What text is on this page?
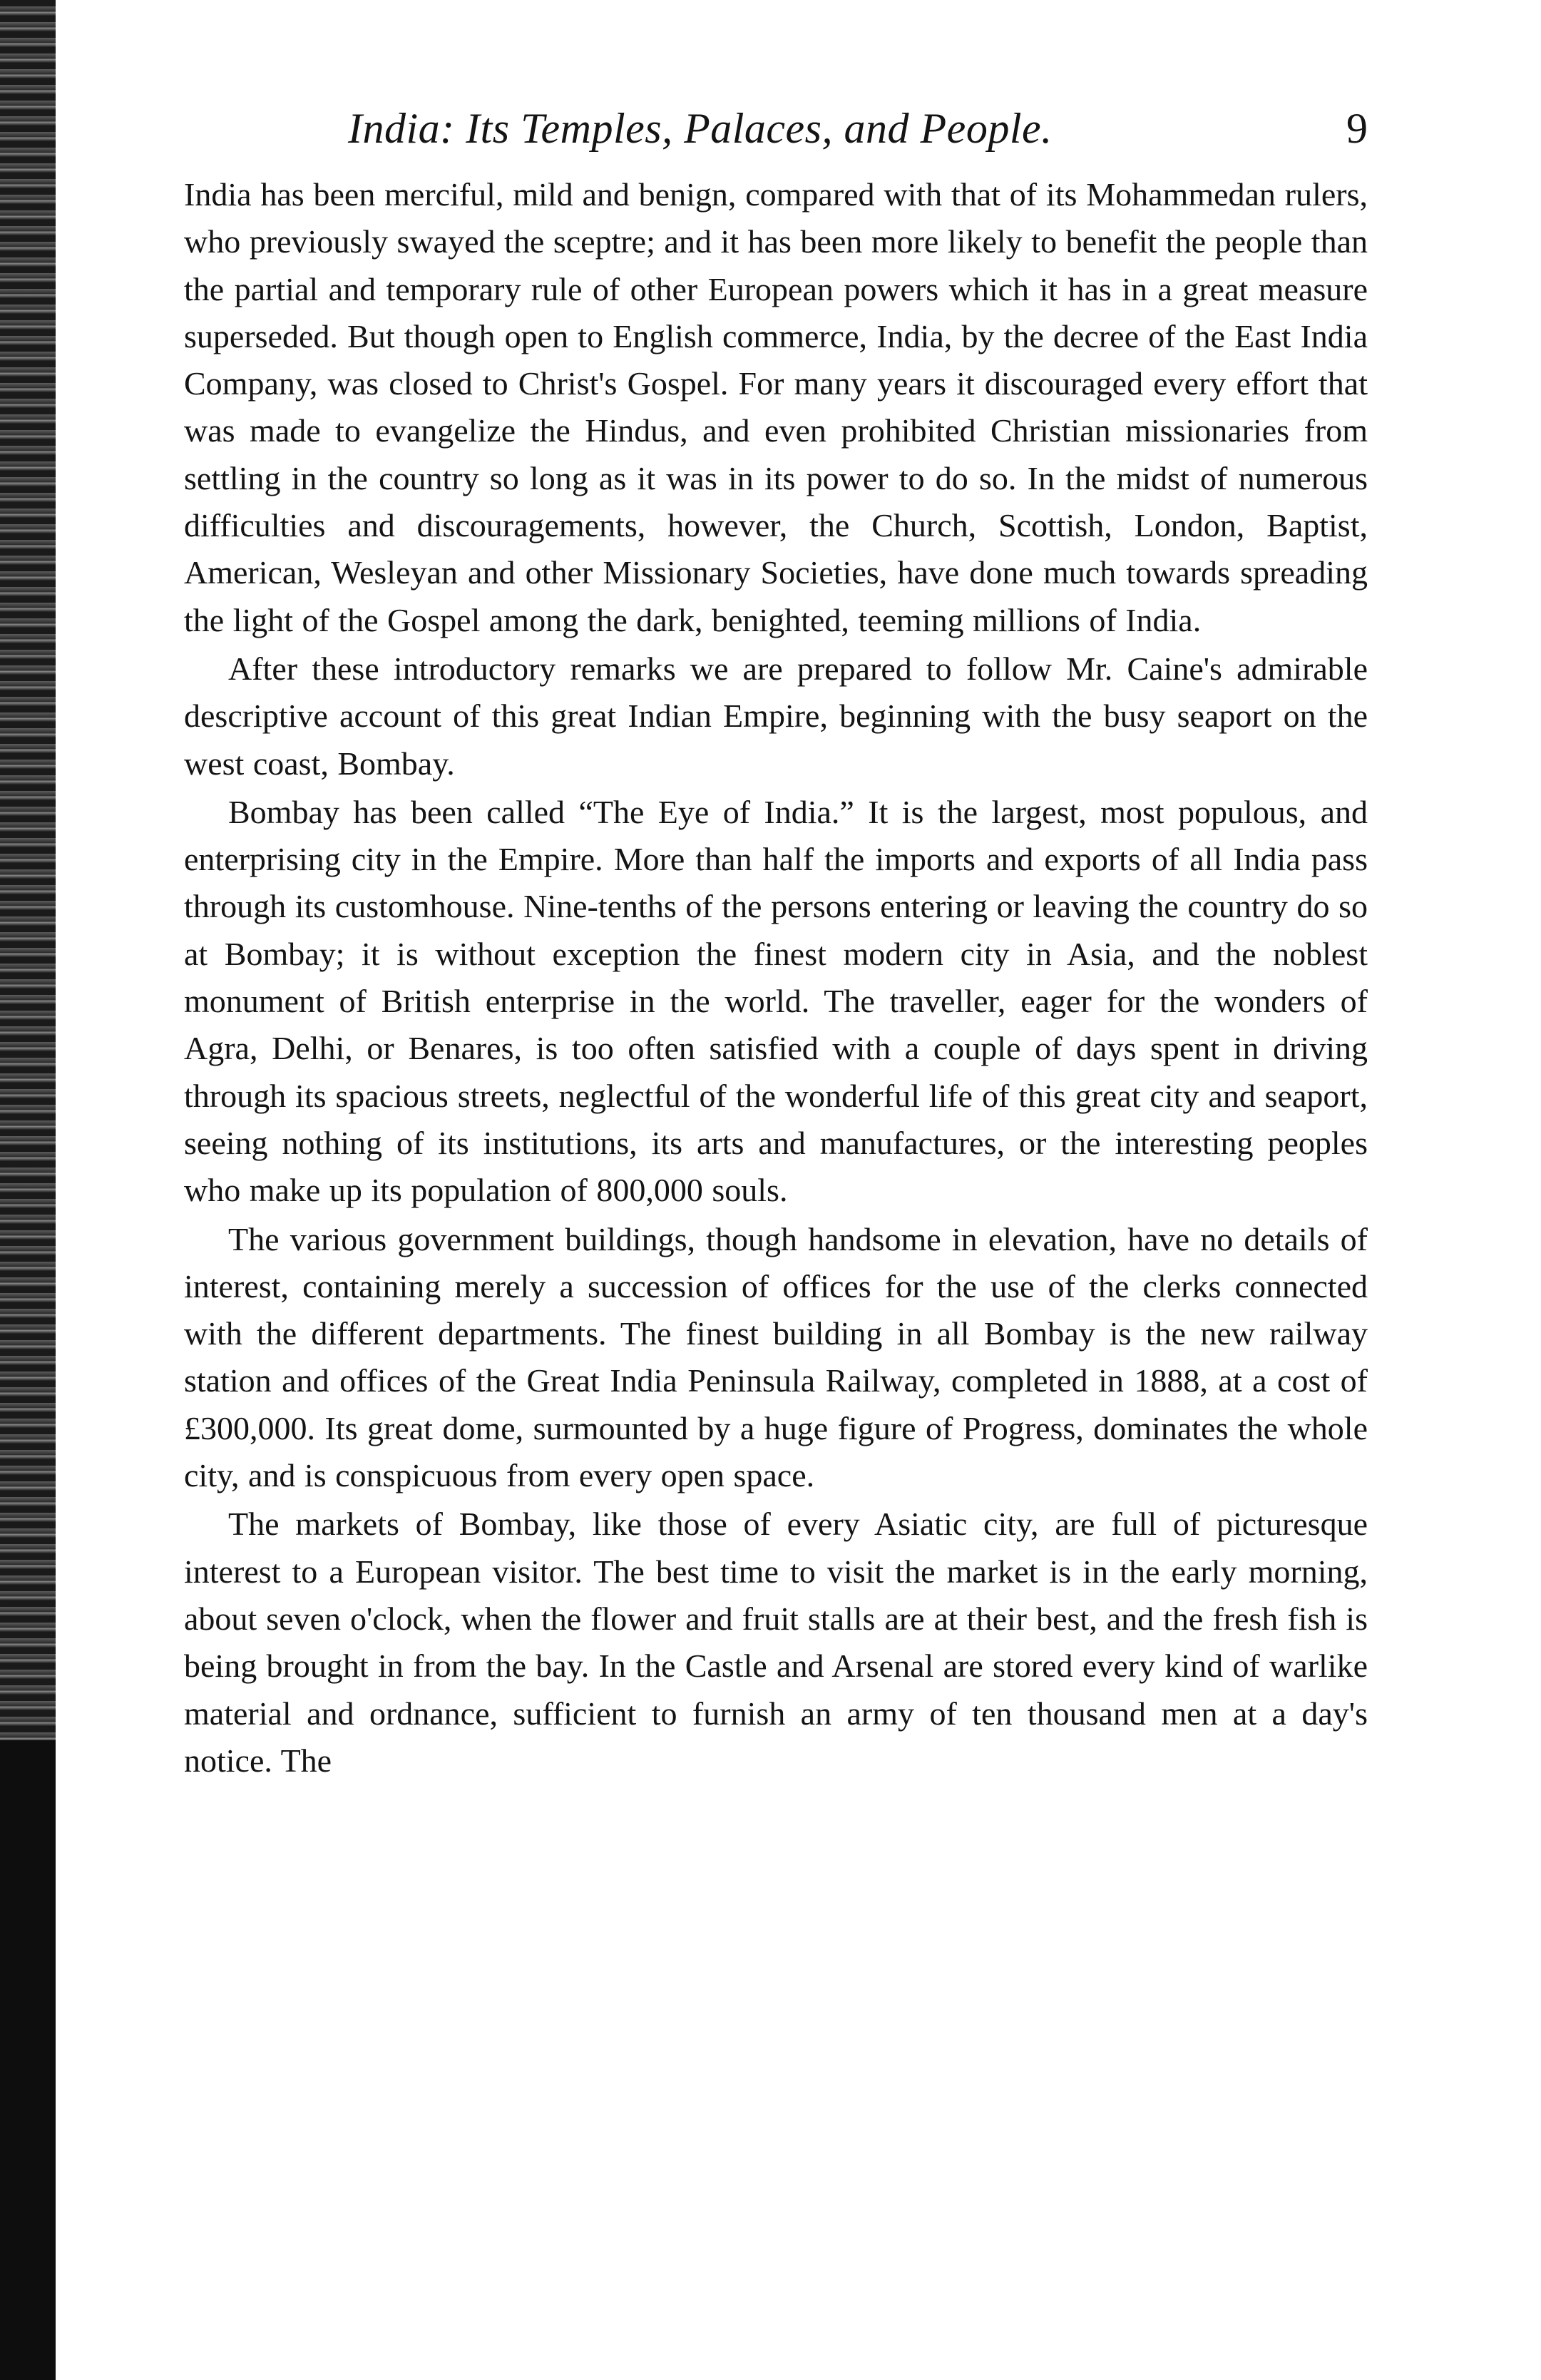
India: Its Temples, Palaces, and People.	9

India has been merciful, mild and benign, compared with that of its Mohammedan rulers, who previously swayed the sceptre; and it has been more likely to benefit the people than the partial and temporary rule of other European powers which it has in a great measure superseded. But though open to English commerce, India, by the decree of the East India Company, was closed to Christ's Gospel. For many years it discouraged every effort that was made to evangelize the Hindus, and even prohibited Christian missionaries from settling in the country so long as it was in its power to do so. In the midst of numerous difficulties and discouragements, however, the Church, Scottish, London, Baptist, American, Wesleyan and other Missionary Societies, have done much towards spreading the light of the Gospel among the dark, benighted, teeming millions of India.

After these introductory remarks we are prepared to follow Mr. Caine's admirable descriptive account of this great Indian Empire, beginning with the busy seaport on the west coast, Bombay.

Bombay has been called “The Eye of India.” It is the largest, most populous, and enterprising city in the Empire. More than half the imports and exports of all India pass through its customhouse. Nine-tenths of the persons entering or leaving the country do so at Bombay; it is without exception the finest modern city in Asia, and the noblest monument of British enterprise in the world. The traveller, eager for the wonders of Agra, Delhi, or Benares, is too often satisfied with a couple of days spent in driving through its spacious streets, neglectful of the wonderful life of this great city and seaport, seeing nothing of its institutions, its arts and manufactures, or the interesting peoples who make up its population of 800,000 souls.

The various government buildings, though handsome in elevation, have no details of interest, containing merely a succession of offices for the use of the clerks connected with the different departments. The finest building in all Bombay is the new railway station and offices of the Great India Peninsula Railway, completed in 1888, at a cost of £300,000. Its great dome, surmounted by a huge figure of Progress, dominates the whole city, and is conspicuous from every open space.

The markets of Bombay, like those of every Asiatic city, are full of picturesque interest to a European visitor. The best time to visit the market is in the early morning, about seven o'clock, when the flower and fruit stalls are at their best, and the fresh fish is being brought in from the bay. In the Castle and Arsenal are stored every kind of warlike material and ordnance, sufficient to furnish an army of ten thousand men at a day's notice. The
